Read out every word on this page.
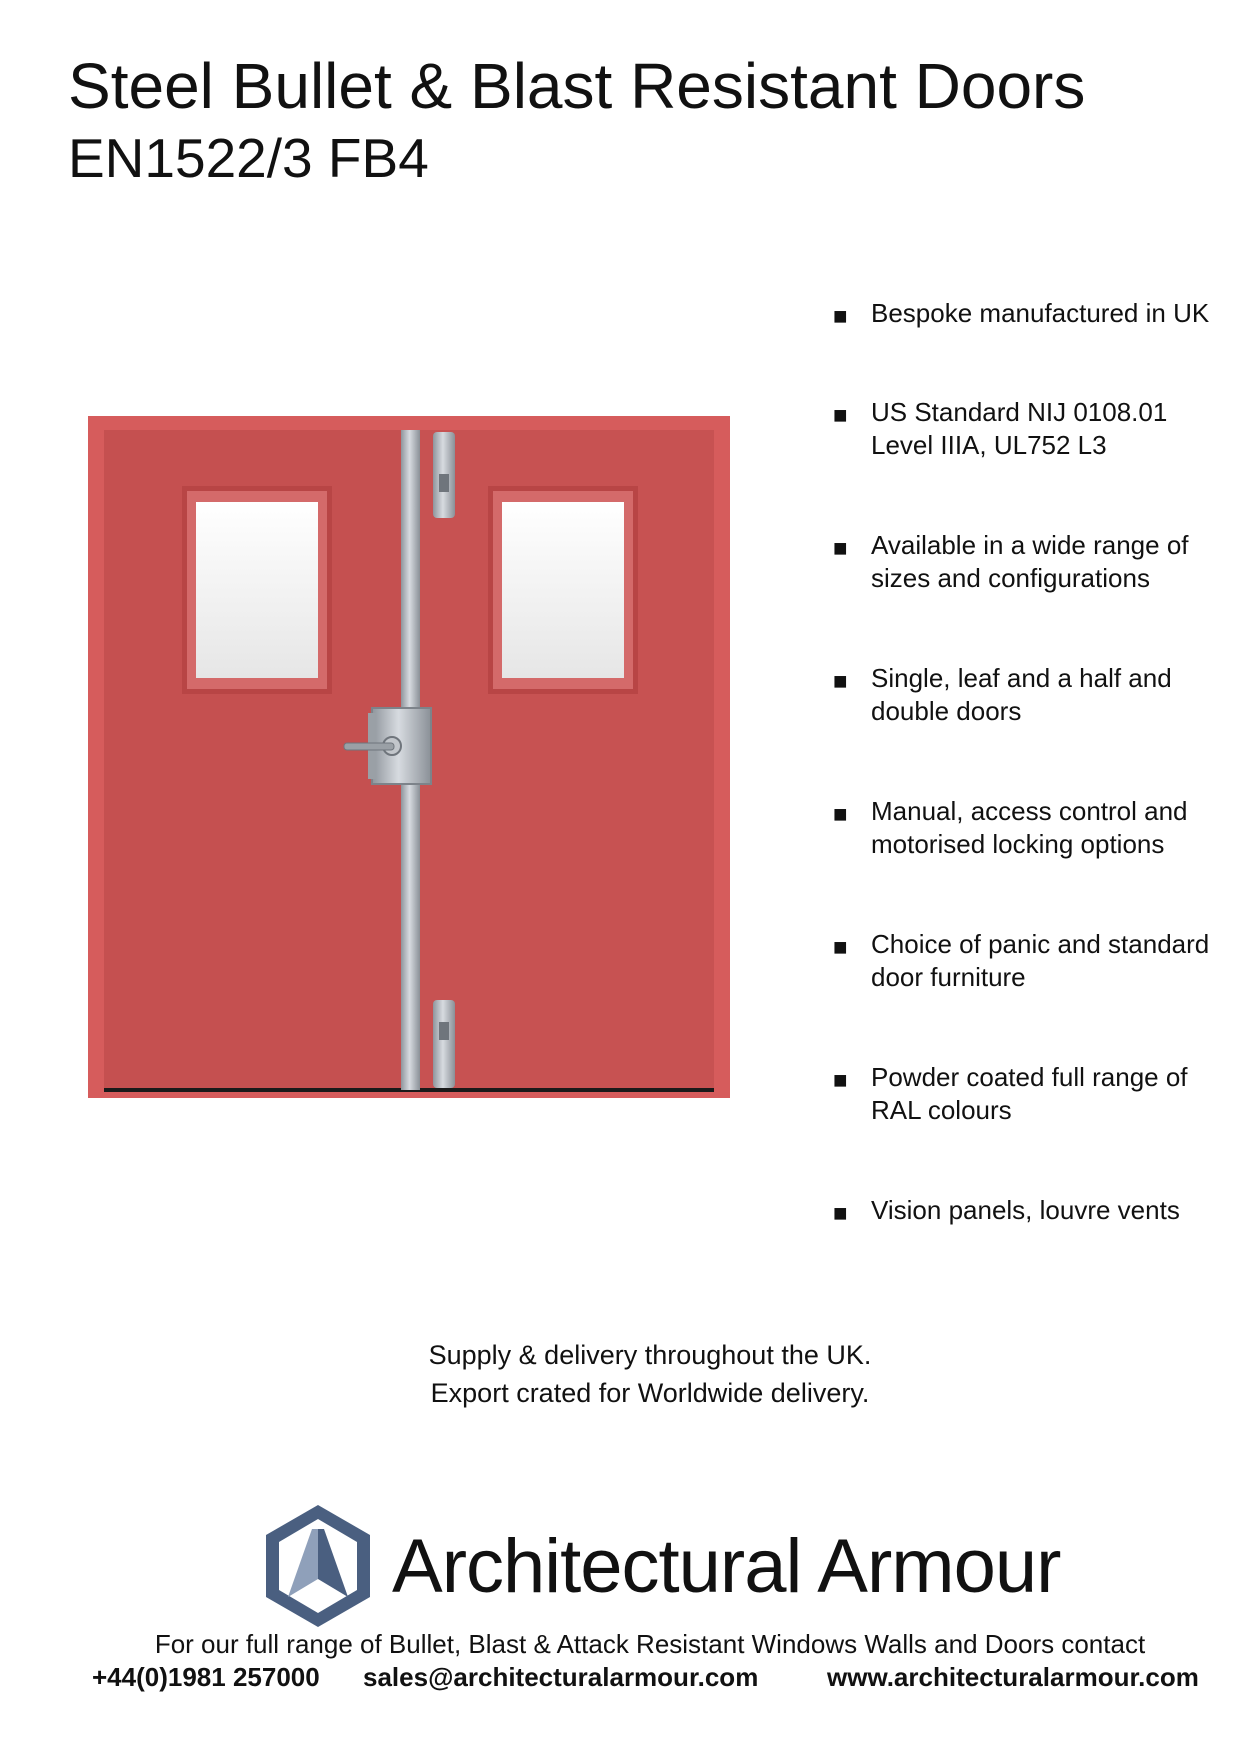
Steel Bullet & Blast Resistant Doors
EN1522/3 FB4
■ Bespoke manufactured in UK
■ US Standard NIJ 0108.01
Level IIIA, UL752 L3
■ Available in a wide range of
sizes and configurations
■ Single, leaf and a half and
double doors
■ Manual, access control and
motorised locking options
■ Choice of panic and standard
door furniture
■ Powder coated full range of
RAL colours
■ Vision panels, louvre vents
Supply & delivery throughout the UK.
Export crated for Worldwide delivery.
Architectural Armour
For our full range of Bullet, Blast & Attack Resistant Windows Walls and Doors contact
+44(0)1981 257000 sales@architecturalarmour.com	www.architecturalarmour.com
